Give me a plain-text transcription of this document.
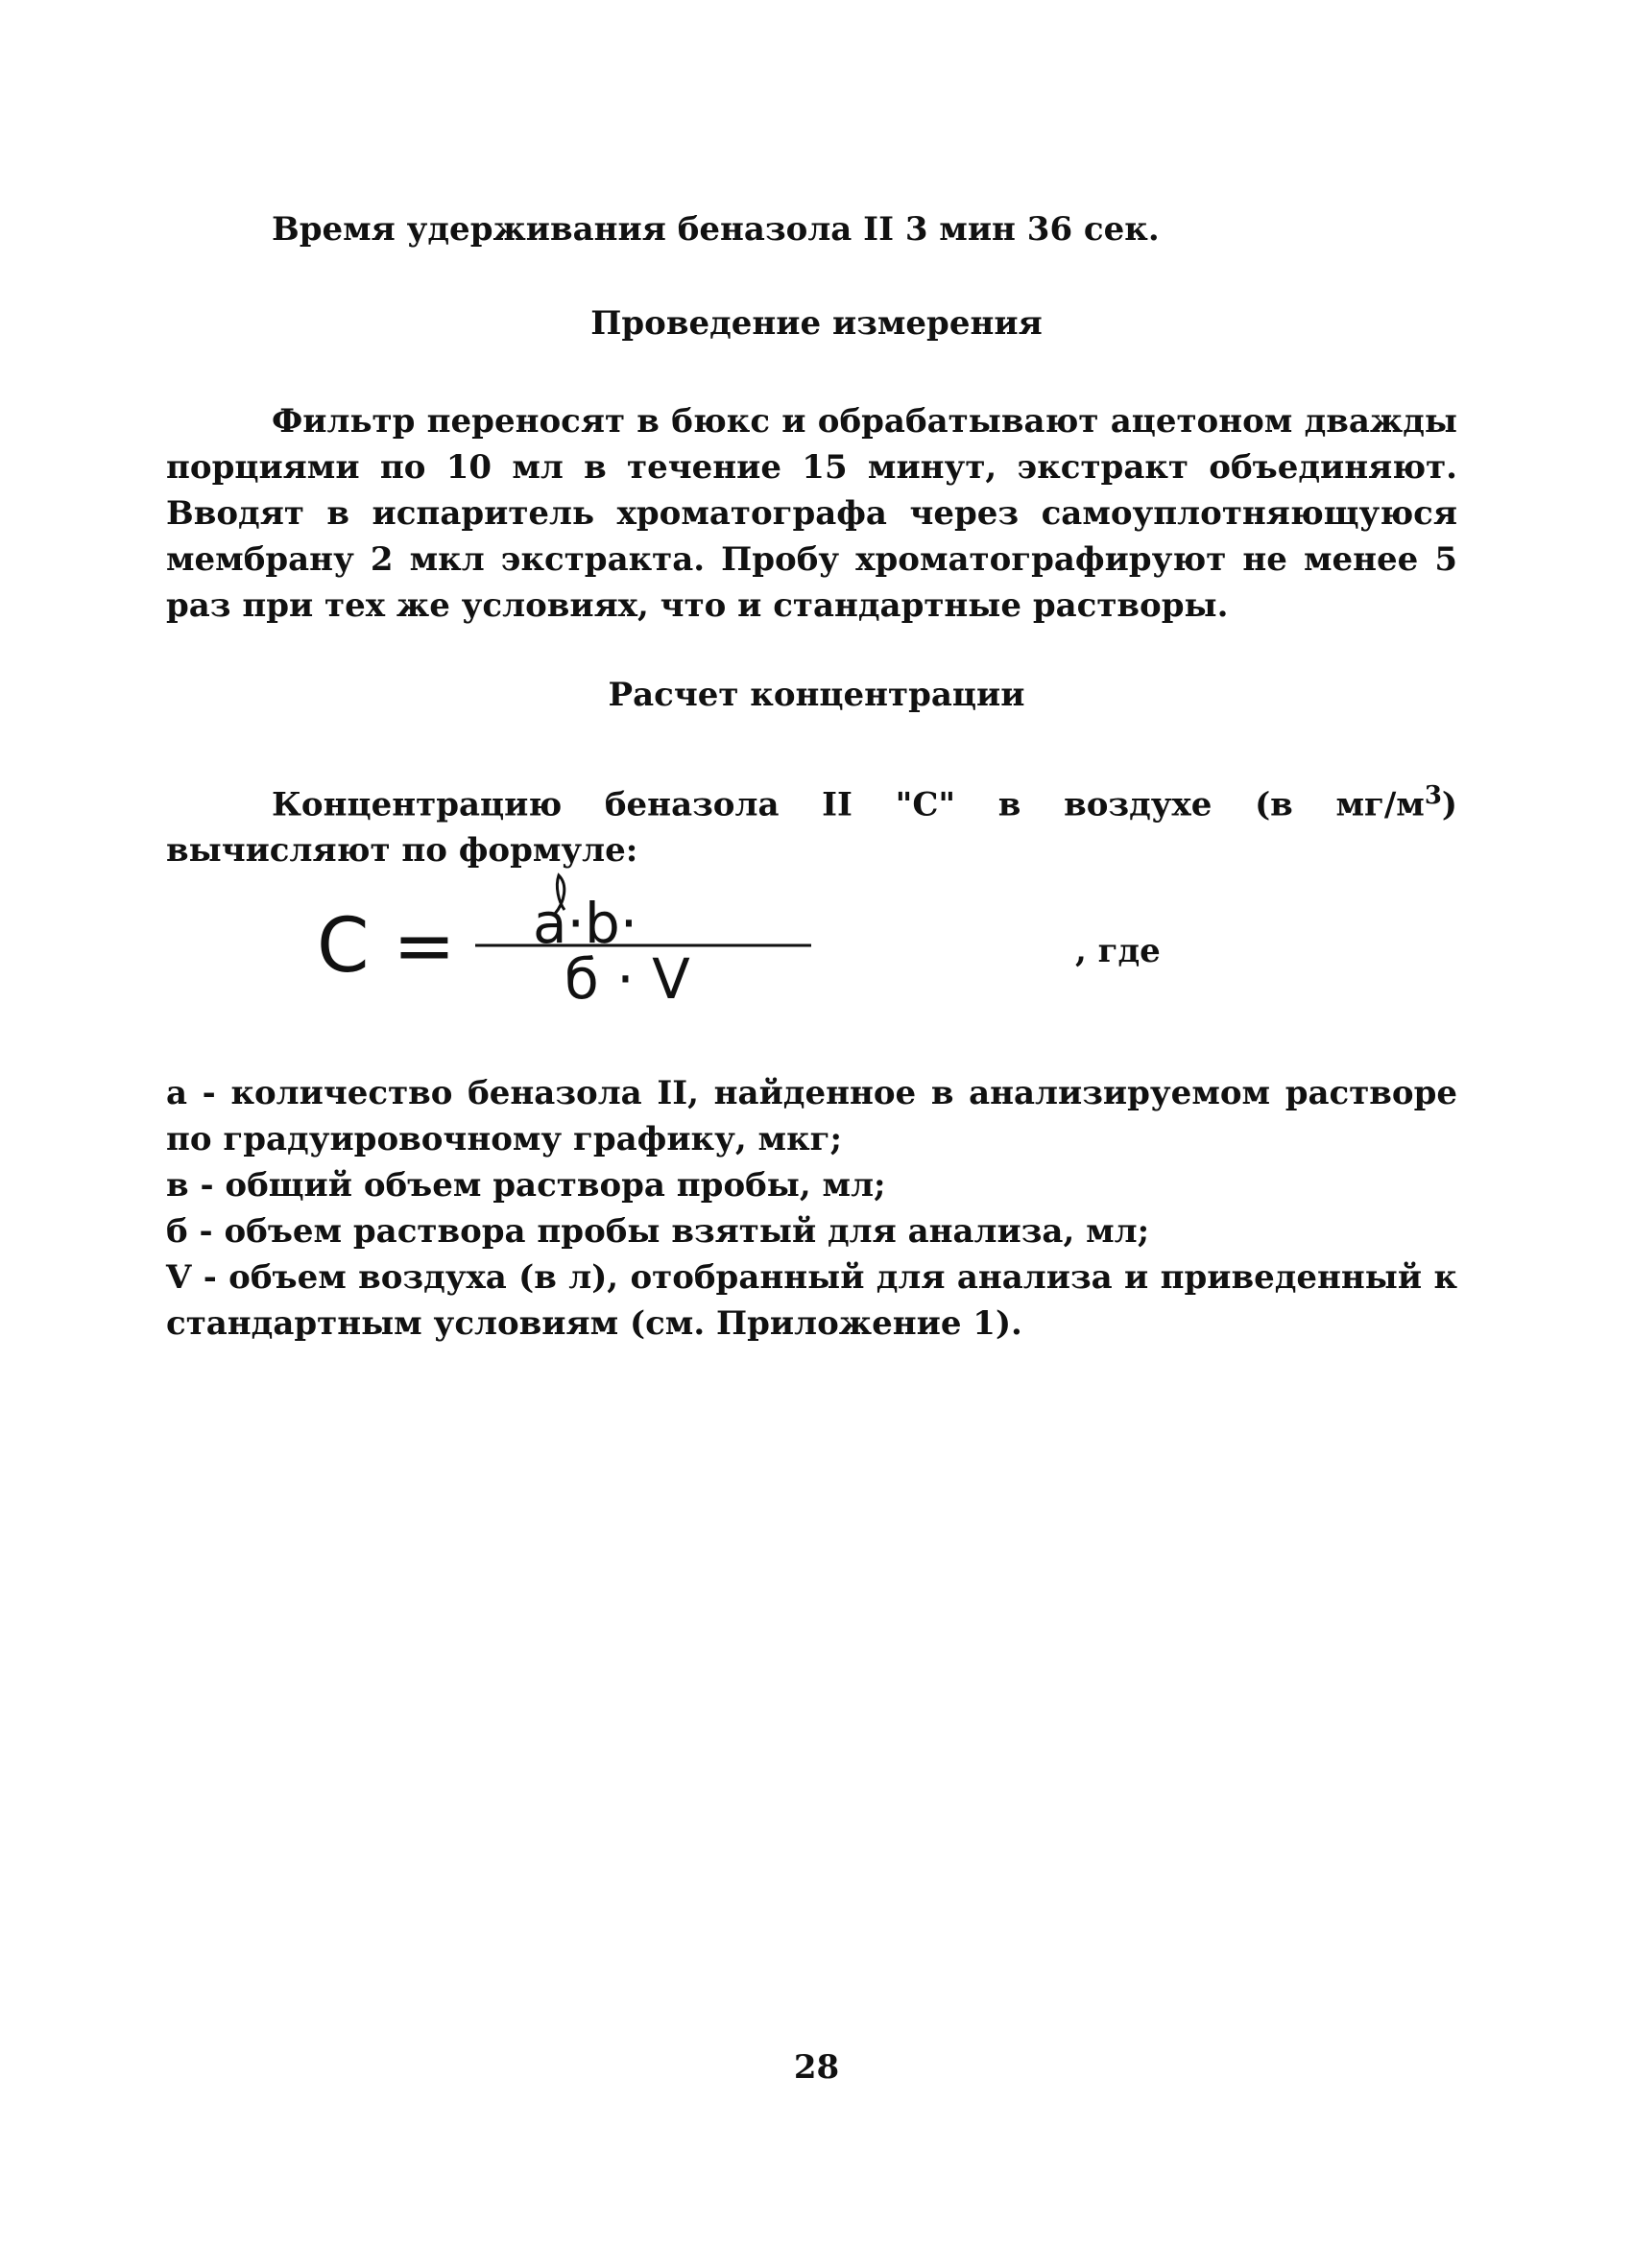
Время удерживания беназола II 3 мин 36 сек.
Проведение измерения
Фильтр переносят в бюкс и обрабатывают ацетоном дважды порциями по 10 мл в течение 15 минут, экстракт объединяют. Вводят в испаритель хроматографа через самоуплотняющуюся мембрану 2 мкл экстракта. Пробу хроматографируют не менее 5 раз при тех же условиях, что и стандартные растворы.
Расчет концентрации
Концентрацию беназола II "С" в воздухе (в $мг/м^3$) вычисляют по формуле:
C = a·b·
б · V	, где
а - количество беназола II, найденное в анализируемом растворе по градуировочному графику, мкг;
в - общий объем раствора пробы, мл;
б - объем раствора пробы взятый для анализа, мл;
V - объем воздуха (в л), отобранный для анализа и приведенный к стандартным условиям (см. Приложение 1).
28
